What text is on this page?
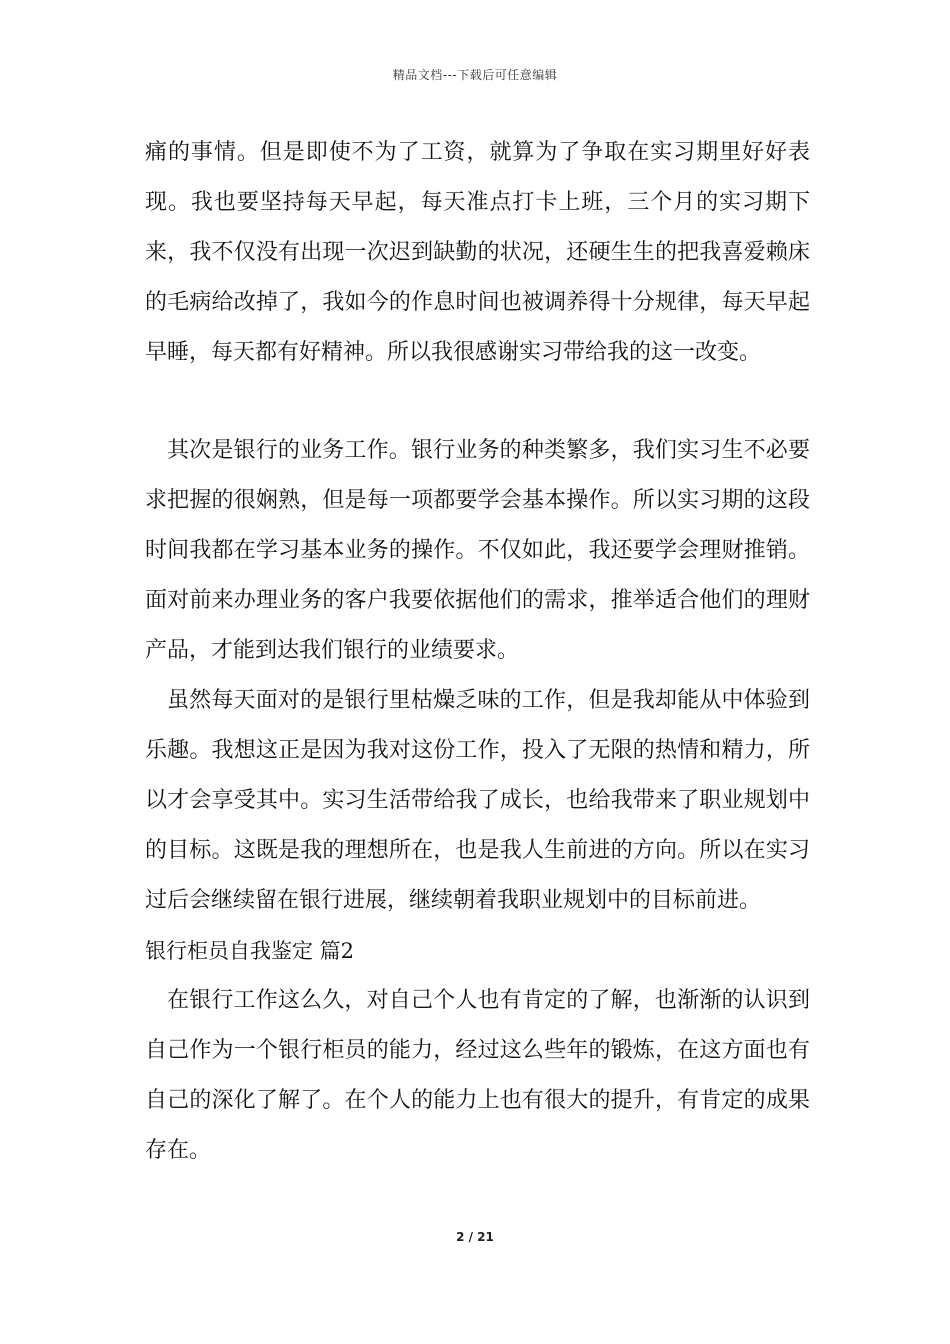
精品文档---下载后可任意编辑

痛的事情。但是即使不为了工资，就算为了争取在实习期里好好表现。我也要坚持每天早起，每天准点打卡上班，三个月的实习期下来，我不仅没有出现一次迟到缺勤的状况，还硬生生的把我喜爱赖床的毛病给改掉了，我如今的作息时间也被调养得十分规律，每天早起早睡，每天都有好精神。所以我很感谢实习带给我的这一改变。

其次是银行的业务工作。银行业务的种类繁多，我们实习生不必要求把握的很娴熟，但是每一项都要学会基本操作。所以实习期的这段时间我都在学习基本业务的操作。不仅如此，我还要学会理财推销。面对前来办理业务的客户我要依据他们的需求，推举适合他们的理财产品，才能到达我们银行的业绩要求。

虽然每天面对的是银行里枯燥乏味的工作，但是我却能从中体验到乐趣。我想这正是因为我对这份工作，投入了无限的热情和精力，所以才会享受其中。实习生活带给我了成长，也给我带来了职业规划中的目标。这既是我的理想所在，也是我人生前进的方向。所以在实习过后会继续留在银行进展，继续朝着我职业规划中的目标前进。

银行柜员自我鉴定 篇2

在银行工作这么久，对自己个人也有肯定的了解，也渐渐的认识到自己作为一个银行柜员的能力，经过这么些年的锻炼，在这方面也有自己的深化了解了。在个人的能力上也有很大的提升，有肯定的成果存在。

2 / 21
